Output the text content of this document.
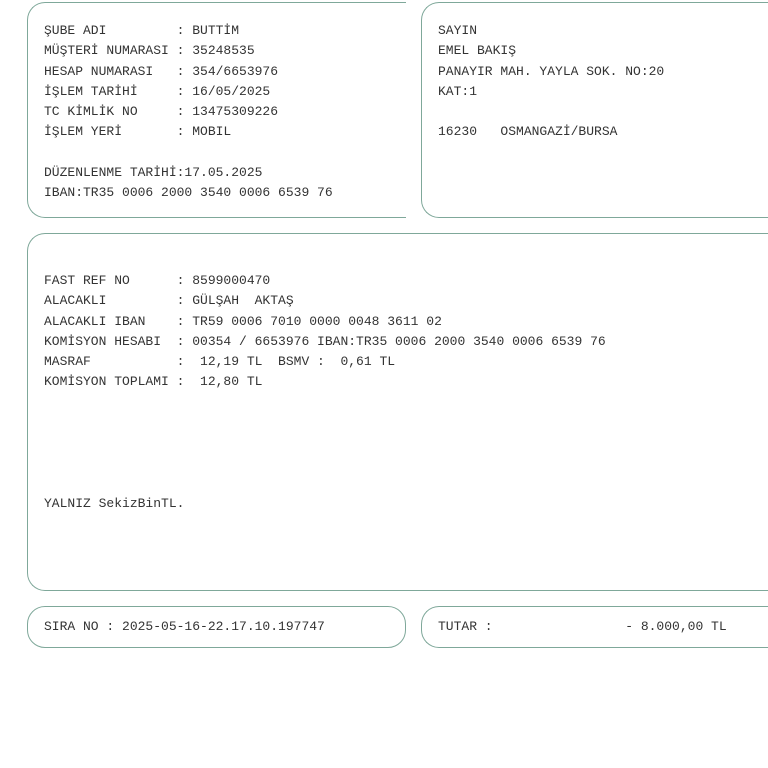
ŞUBE ADI         : BUTTİM
MÜŞTERİ NUMARASI : 35248535
HESAP NUMARASI   : 354/6653976
İŞLEM TARİHİ     : 16/05/2025
TC KİMLİK NO     : 13475309226
İŞLEM YERİ       : MOBIL
DÜZENLENME TARİHİ:17.05.2025
IBAN:TR35 0006 2000 3540 0006 6539 76
SAYIN
EMEL BAKIŞ
PANAYIR MAH. YAYLA SOK. NO:20
KAT:1
16230   OSMANGAZİ/BURSA
FAST REF NO      : 8599000470
ALACAKLI         : GÜLŞAH  AKTAŞ
ALACAKLI IBAN    : TR59 0006 7010 0000 0048 3611 02
KOMİSYON HESABI  : 00354 / 6653976 IBAN:TR35 0006 2000 3540 0006 6539 76
MASRAF           :  12,19 TL  BSMV :  0,61 TL
KOMİSYON TOPLAMI :  12,80 TL
YALNIZ SekizBinTL.
SIRA NO : 2025-05-16-22.17.10.197747	TUTAR :                 - 8.000,00 TL
